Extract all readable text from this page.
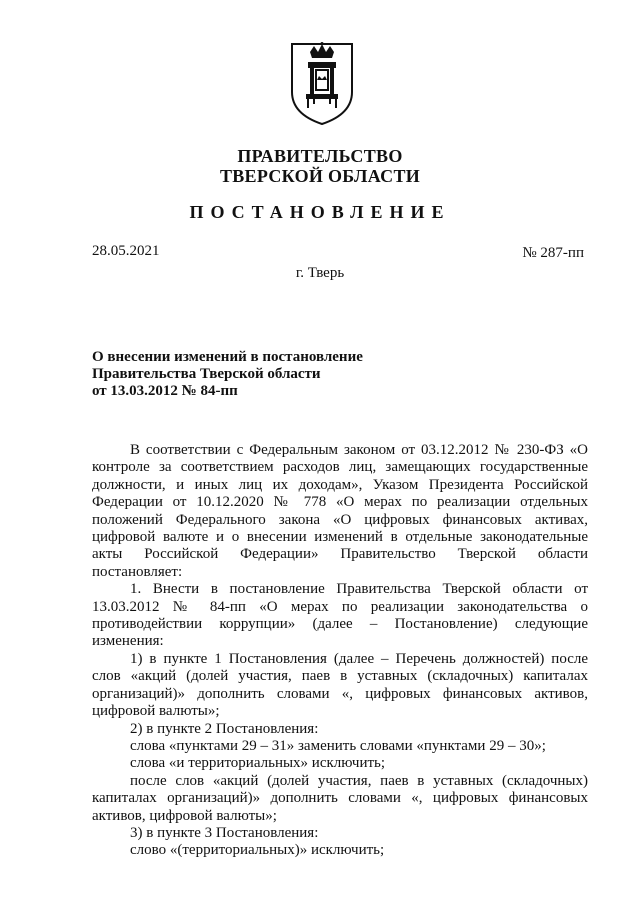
ПРАВИТЕЛЬСТВО
ТВЕРСКОЙ ОБЛАСТИ
ПОСТАНОВЛЕНИЕ
28.05.2021	№ 287-пп
г. Тверь
О внесении изменений в постановление
Правительства Тверской области
от 13.03.2012 № 84-пп

В соответствии с Федеральным законом от 03.12.2012 № 230-ФЗ «О контроле за соответствием расходов лиц, замещающих государственные должности, и иных лиц их доходам», Указом Президента Российской Федерации от 10.12.2020 № 778 «О мерах по реализации отдельных положений Федерального закона «О цифровых финансовых активах, цифровой валюте и о внесении изменений в отдельные законодательные акты Российской Федерации» Правительство Тверской области постановляет:

1. Внести в постановление Правительства Тверской области от 13.03.2012 № 84-пп «О мерах по реализации законодательства о противодействии коррупции» (далее – Постановление) следующие изменения:

1) в пункте 1 Постановления (далее – Перечень должностей) после слов «акций (долей участия, паев в уставных (складочных) капиталах организаций)» дополнить словами «, цифровых финансовых активов, цифровой валюты»;

2) в пункте 2 Постановления:

слова «пунктами 29 – 31» заменить словами «пунктами 29 – 30»;

слова «и территориальных» исключить;

после слов «акций (долей участия, паев в уставных (складочных) капиталах организаций)» дополнить словами «, цифровых финансовых активов, цифровой валюты»;

3) в пункте 3 Постановления:

слово «(территориальных)» исключить;
